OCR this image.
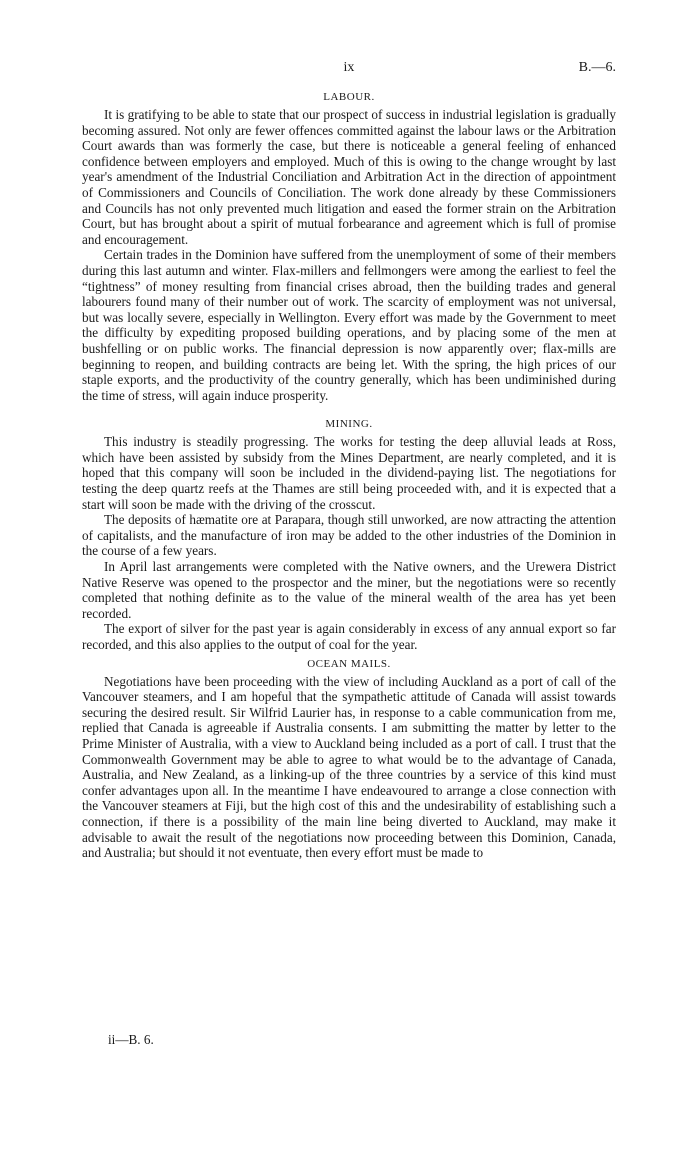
ix	B.—6.
LABOUR.

It is gratifying to be able to state that our prospect of success in industrial legislation is gradually becoming assured. Not only are fewer offences committed against the labour laws or the Arbitration Court awards than was formerly the case, but there is noticeable a general feeling of enhanced confidence between employers and employed. Much of this is owing to the change wrought by last year's amendment of the Industrial Conciliation and Arbitration Act in the direction of appointment of Commissioners and Councils of Conciliation. The work done already by these Commissioners and Councils has not only prevented much litigation and eased the former strain on the Arbitration Court, but has brought about a spirit of mutual forbearance and agreement which is full of promise and encouragement.

Certain trades in the Dominion have suffered from the unemployment of some of their members during this last autumn and winter. Flax-millers and fellmongers were among the earliest to feel the “tightness” of money resulting from financial crises abroad, then the building trades and general labourers found many of their number out of work. The scarcity of employment was not universal, but was locally severe, especially in Wellington. Every effort was made by the Government to meet the difficulty by expediting proposed building operations, and by placing some of the men at bushfelling or on public works. The financial depression is now apparently over; flax-mills are beginning to reopen, and building contracts are being let. With the spring, the high prices of our staple exports, and the productivity of the country generally, which has been undiminished during the time of stress, will again induce prosperity.

MINING.

This industry is steadily progressing. The works for testing the deep alluvial leads at Ross, which have been assisted by subsidy from the Mines Department, are nearly completed, and it is hoped that this company will soon be included in the dividend-paying list. The negotiations for testing the deep quartz reefs at the Thames are still being proceeded with, and it is expected that a start will soon be made with the driving of the crosscut.

The deposits of hæmatite ore at Parapara, though still unworked, are now attracting the attention of capitalists, and the manufacture of iron may be added to the other industries of the Dominion in the course of a few years.

In April last arrangements were completed with the Native owners, and the Urewera District Native Reserve was opened to the prospector and the miner, but the negotiations were so recently completed that nothing definite as to the value of the mineral wealth of the area has yet been recorded.

The export of silver for the past year is again considerably in excess of any annual export so far recorded, and this also applies to the output of coal for the year.

OCEAN MAILS.

Negotiations have been proceeding with the view of including Auckland as a port of call of the Vancouver steamers, and I am hopeful that the sympathetic attitude of Canada will assist towards securing the desired result. Sir Wilfrid Laurier has, in response to a cable communication from me, replied that Canada is agreeable if Australia consents. I am submitting the matter by letter to the Prime Minister of Australia, with a view to Auckland being included as a port of call. I trust that the Commonwealth Government may be able to agree to what would be to the advantage of Canada, Australia, and New Zealand, as a linking-up of the three countries by a service of this kind must confer advantages upon all. In the meantime I have endeavoured to arrange a close connection with the Vancouver steamers at Fiji, but the high cost of this and the undesirability of establishing such a connection, if there is a possibility of the main line being diverted to Auckland, may make it advisable to await the result of the negotiations now proceeding between this Dominion, Canada, and Australia; but should it not eventuate, then every effort must be made to

ii—B. 6.
